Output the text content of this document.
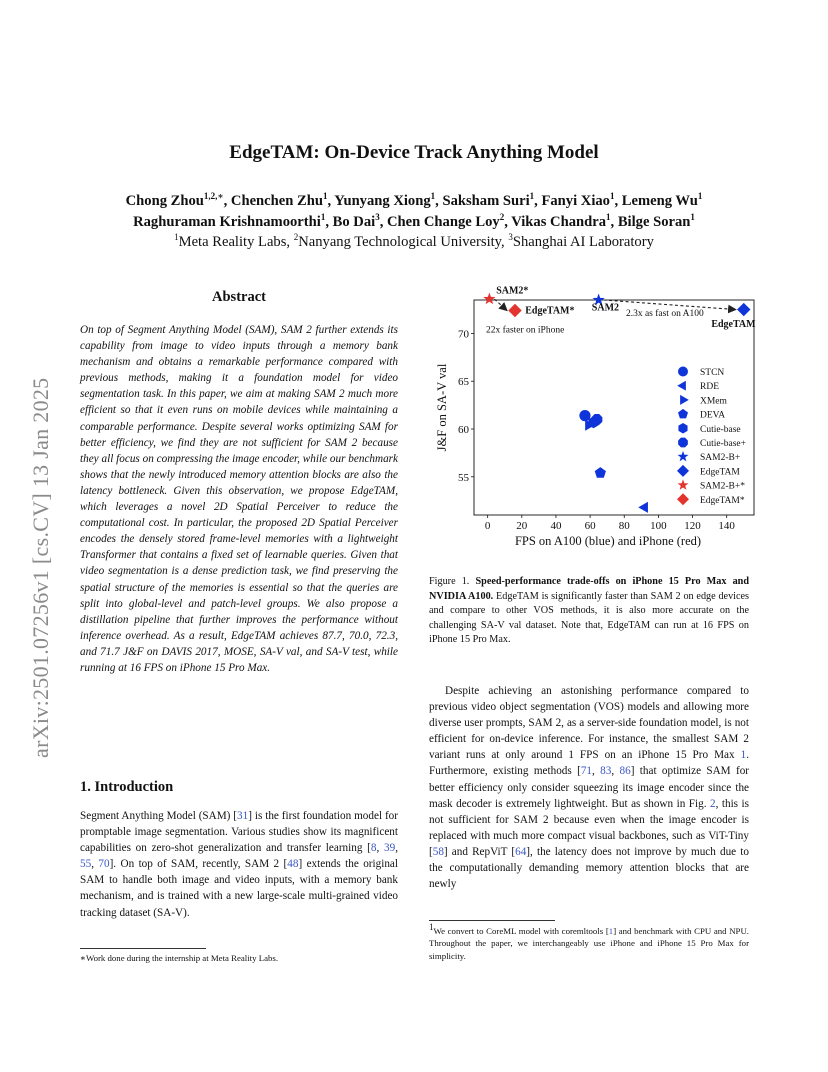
EdgeTAM: On-Device Track Anything Model
Chong Zhou$^{1,2,∗}$, Chenchen Zhu$^1$, Yunyang Xiong$^1$, Saksham Suri$^1$, Fanyi Xiao$^1$, Lemeng Wu$^1$
Raghuraman Krishnamoorthi$^1$, Bo Dai$^3$, Chen Change Loy$^2$, Vikas Chandra$^1$, Bilge Soran$^1$
$^1$Meta Reality Labs, $^2$Nanyang Technological University, $^3$Shanghai AI Laboratory
arXiv:2501.07256v1 [cs.CV] 13 Jan 2025
Abstract
On top of Segment Anything Model (SAM), SAM 2 further extends its capability from image to video inputs through a memory bank mechanism and obtains a remarkable performance compared with previous methods, making it a foundation model for video segmentation task. In this paper, we aim at making SAM 2 much more efficient so that it even runs on mobile devices while maintaining a comparable performance. Despite several works optimizing SAM for better efficiency, we find they are not sufficient for SAM 2 because they all focus on compressing the image encoder, while our benchmark shows that the newly introduced memory attention blocks are also the latency bottleneck. Given this observation, we propose EdgeTAM, which leverages a novel 2D Spatial Perceiver to reduce the computational cost. In particular, the proposed 2D Spatial Perceiver encodes the densely stored frame-level memories with a lightweight Transformer that contains a fixed set of learnable queries. Given that video segmentation is a dense prediction task, we find preserving the spatial structure of the memories is essential so that the queries are split into global-level and patch-level groups. We also propose a distillation pipeline that further improves the performance without inference overhead. As a result, EdgeTAM achieves 87.7, 70.0, 72.3, and 71.7 J&F on DAVIS 2017, MOSE, SA-V val, and SA-V test, while running at 16 FPS on iPhone 15 Pro Max.
1. Introduction
Segment Anything Model (SAM) [31] is the first foundation model for promptable image segmentation. Various studies show its magnificent capabilities on zero-shot generalization and transfer learning [8, 39, 55, 70]. On top of SAM, recently, SAM 2 [48] extends the original SAM to handle both image and video inputs, with a memory bank mechanism, and is trained with a new large-scale multi-grained video tracking dataset (SA-V).
∗Work done during the internship at Meta Reality Labs.
0 20 40 60 80 100 120 140
55
60
65
70
FPS on A100 (blue) and iPhone (red)
J&F on SA-V val
SAM2*
EdgeTAM*
22x faster on iPhone
SAM2
2.3x as fast on A100
EdgeTAM
STCN
RDE
XMem
DEVA
Cutie-base
Cutie-base+
SAM2-B+
EdgeTAM
SAM2-B+*
EdgeTAM*
Figure 1. Speed-performance trade-offs on iPhone 15 Pro Max and NVIDIA A100. EdgeTAM is significantly faster than SAM 2 on edge devices and compare to other VOS methods, it is also more accurate on the challenging SA-V val dataset. Note that, EdgeTAM can run at 16 FPS on iPhone 15 Pro Max.

Despite achieving an astonishing performance compared to previous video object segmentation (VOS) models and allowing more diverse user prompts, SAM 2, as a server-side foundation model, is not efficient for on-device inference. For instance, the smallest SAM 2 variant runs at only around 1 FPS on an iPhone 15 Pro Max 1. Furthermore, existing methods [71, 83, 86] that optimize SAM for better efficiency only consider squeezing its image encoder since the mask decoder is extremely lightweight. But as shown in Fig. 2, this is not sufficient for SAM 2 because even when the image encoder is replaced with much more compact visual backbones, such as ViT-Tiny [58] and RepViT [64], the latency does not improve by much due to the computationally demanding memory attention blocks that are newly

$^1$We convert to CoreML model with coremltools [1] and benchmark with CPU and NPU. Throughout the paper, we interchangeably use iPhone and iPhone 15 Pro Max for simplicity.
